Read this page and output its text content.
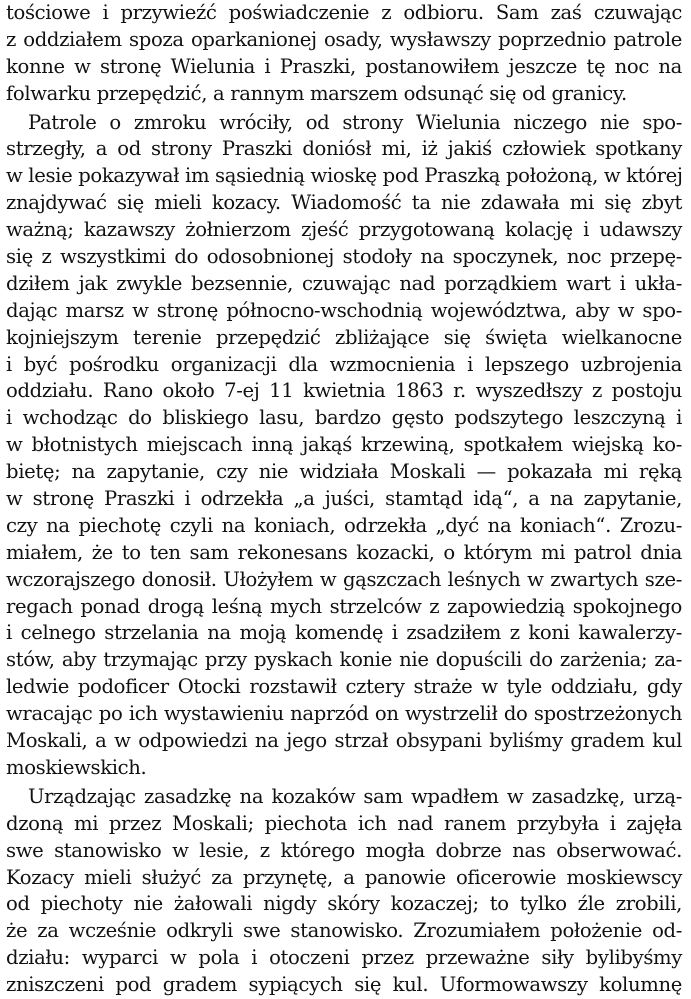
tościowe i przywieźć poświadczenie z odbioru. Sam zaś czuwając
z oddziałem spoza oparkanionej osady, wysławszy poprzednio patrole
konne w stronę Wielunia i Praszki, postanowiłem jeszcze tę noc na
folwarku przepędzić, a rannym marszem odsunąć się od granicy.
Patrole o zmroku wróciły, od strony Wielunia niczego nie spo-
strzegły, a od strony Praszki doniósł mi, iż jakiś człowiek spotkany
w lesie pokazywał im sąsiednią wioskę pod Praszką położoną, w której
znajdywać się mieli kozacy. Wiadomość ta nie zdawała mi się zbyt
ważną; kazawszy żołnierzom zjeść przygotowaną kolację i udawszy
się z wszystkimi do odosobnionej stodoły na spoczynek, noc przepę-
dziłem jak zwykle bezsennie, czuwając nad porządkiem wart i ukła-
dając marsz w stronę północno-wschodnią województwa, aby w spo-
kojniejszym terenie przepędzić zbliżające się święta wielkanocne
i być pośrodku organizacji dla wzmocnienia i lepszego uzbrojenia
oddziału. Rano około 7-ej 11 kwietnia 1863 r. wyszedłszy z postoju
i wchodząc do bliskiego lasu, bardzo gęsto podszytego leszczyną i
w błotnistych miejscach inną jakąś krzewiną, spotkałem wiejską ko-
bietę; na zapytanie, czy nie widziała Moskali — pokazała mi ręką
w stronę Praszki i odrzekła „a juści, stamtąd idą“, a na zapytanie,
czy na piechotę czyli na koniach, odrzekła „dyć na koniach“. Zrozu-
miałem, że to ten sam rekonesans kozacki, o którym mi patrol dnia
wczorajszego donosił. Ułożyłem w gąszczach leśnych w zwartych sze-
regach ponad drogą leśną mych strzelców z zapowiedzią spokojnego
i celnego strzelania na moją komendę i zsadziłem z koni kawalerzy-
stów, aby trzymając przy pyskach konie nie dopuścili do zarżenia; za-
ledwie podoficer Otocki rozstawił cztery straże w tyle oddziału, gdy
wracając po ich wystawieniu naprzód on wystrzelił do spostrzeżonych
Moskali, a w odpowiedzi na jego strzał obsypani byliśmy gradem kul
moskiewskich.
Urządzając zasadzkę na kozaków sam wpadłem w zasadzkę, urzą-
dzoną mi przez Moskali; piechota ich nad ranem przybyła i zajęła
swe stanowisko w lesie, z którego mogła dobrze nas obserwować.
Kozacy mieli służyć za przynętę, a panowie oficerowie moskiewscy
od piechoty nie żałowali nigdy skóry kozaczej; to tylko źle zrobili,
że za wcześnie odkryli swe stanowisko. Zrozumiałem położenie od-
działu: wyparci w pola i otoczeni przez przeważne siły bylibyśmy
zniszczeni pod gradem sypiących się kul. Uformowawszy kolumnę
